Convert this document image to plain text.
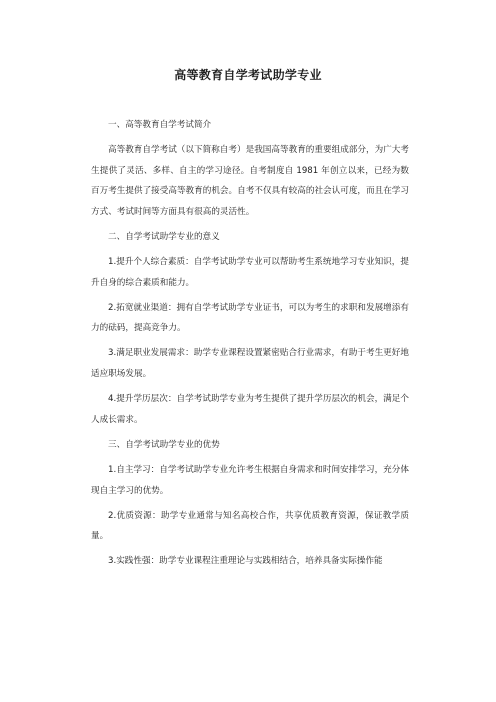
高等教育自学考试助学专业

一、高等教育自学考试简介

高等教育自学考试（以下简称自考）是我国高等教育的重要组成部分，为广大考生提供了灵活、多样、自主的学习途径。自考制度自 1981 年创立以来，已经为数百万考生提供了接受高等教育的机会。自考不仅具有较高的社会认可度，而且在学习方式、考试时间等方面具有很高的灵活性。

二、自学考试助学专业的意义

1.提升个人综合素质：自学考试助学专业可以帮助考生系统地学习专业知识，提升自身的综合素质和能力。

2.拓宽就业渠道：拥有自学考试助学专业证书，可以为考生的求职和发展增添有力的砝码，提高竞争力。

3.满足职业发展需求：助学专业课程设置紧密贴合行业需求，有助于考生更好地适应职场发展。

4.提升学历层次：自学考试助学专业为考生提供了提升学历层次的机会，满足个人成长需求。

三、自学考试助学专业的优势

1.自主学习：自学考试助学专业允许考生根据自身需求和时间安排学习，充分体现自主学习的优势。

2.优质资源：助学专业通常与知名高校合作，共享优质教育资源，保证教学质量。

3.实践性强：助学专业课程注重理论与实践相结合，培养具备实际操作能
